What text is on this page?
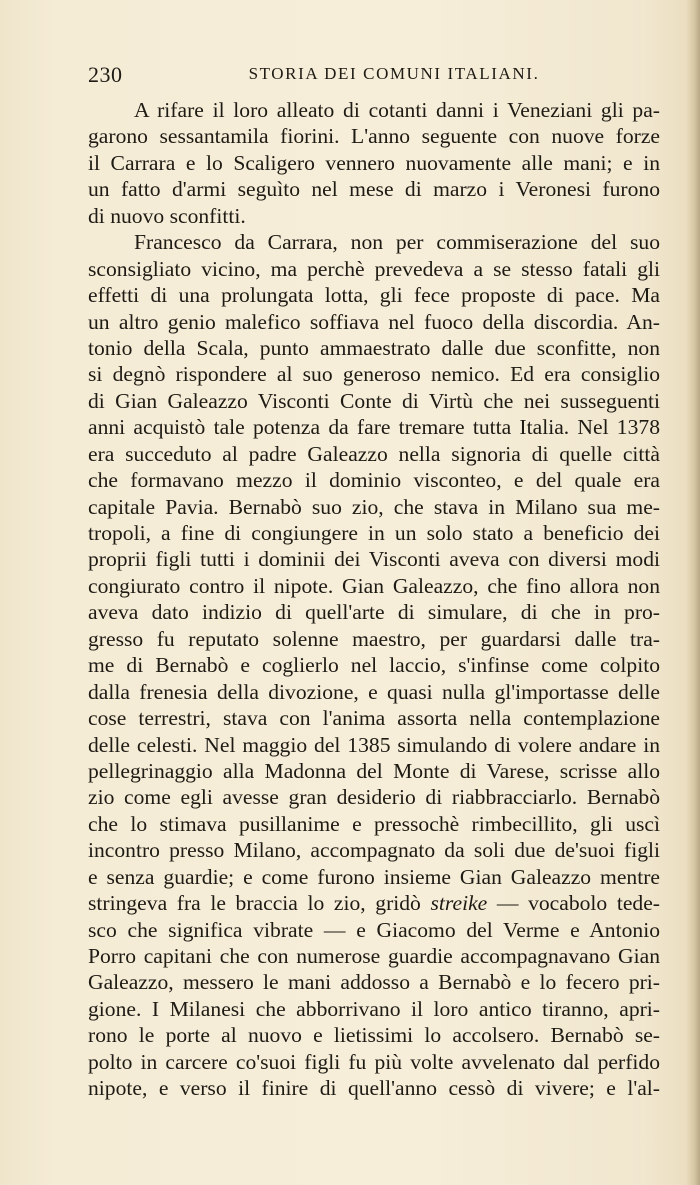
230	STORIA DEI COMUNI ITALIANI.
A rifare il loro alleato di cotanti danni i Veneziani gli pa-
garono sessantamila fiorini. L'anno seguente con nuove forze
il Carrara e lo Scaligero vennero nuovamente alle mani; e in
un fatto d'armi seguìto nel mese di marzo i Veronesi furono
di nuovo sconfitti.
Francesco da Carrara, non per commiserazione del suo
sconsigliato vicino, ma perchè prevedeva a se stesso fatali gli
effetti di una prolungata lotta, gli fece proposte di pace. Ma
un altro genio malefico soffiava nel fuoco della discordia. An-
tonio della Scala, punto ammaestrato dalle due sconfitte, non
si degnò rispondere al suo generoso nemico. Ed era consiglio
di Gian Galeazzo Visconti Conte di Virtù che nei susseguenti
anni acquistò tale potenza da fare tremare tutta Italia. Nel 1378
era succeduto al padre Galeazzo nella signoria di quelle città
che formavano mezzo il dominio visconteo, e del quale era
capitale Pavia. Bernabò suo zio, che stava in Milano sua me-
tropoli, a fine di congiungere in un solo stato a beneficio dei
proprii figli tutti i dominii dei Visconti aveva con diversi modi
congiurato contro il nipote. Gian Galeazzo, che fino allora non
aveva dato indizio di quell'arte di simulare, di che in pro-
gresso fu reputato solenne maestro, per guardarsi dalle tra-
me di Bernabò e coglierlo nel laccio, s'infinse come colpito
dalla frenesia della divozione, e quasi nulla gl'importasse delle
cose terrestri, stava con l'anima assorta nella contemplazione
delle celesti. Nel maggio del 1385 simulando di volere andare in
pellegrinaggio alla Madonna del Monte di Varese, scrisse allo
zio come egli avesse gran desiderio di riabbracciarlo. Bernabò
che lo stimava pusillanime e pressochè rimbecillito, gli uscì
incontro presso Milano, accompagnato da soli due de'suoi figli
e senza guardie; e come furono insieme Gian Galeazzo mentre
stringeva fra le braccia lo zio, gridò streike — vocabolo tede-
sco che significa vibrate — e Giacomo del Verme e Antonio
Porro capitani che con numerose guardie accompagnavano Gian
Galeazzo, messero le mani addosso a Bernabò e lo fecero pri-
gione. I Milanesi che abborrivano il loro antico tiranno, apri-
rono le porte al nuovo e lietissimi lo accolsero. Bernabò se-
polto in carcere co'suoi figli fu più volte avvelenato dal perfido
nipote, e verso il finire di quell'anno cessò di vivere; e l'al-
